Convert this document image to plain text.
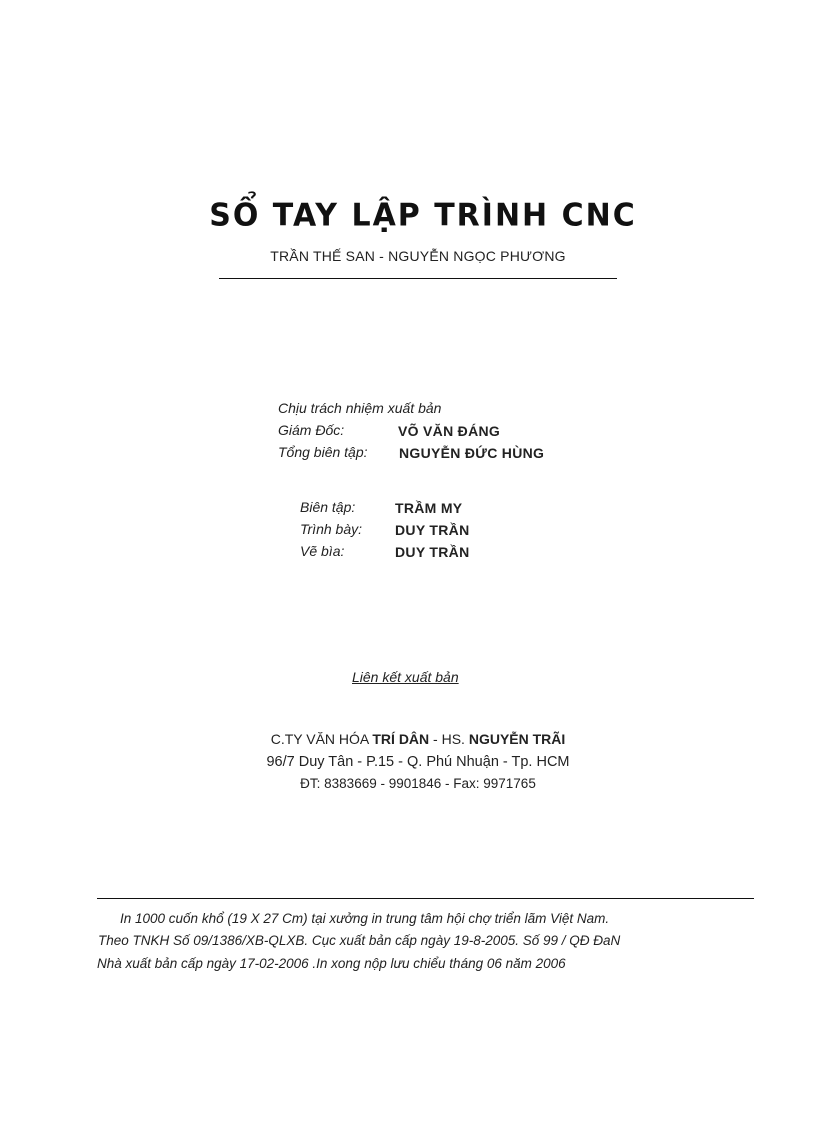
SỔ TAY LẬP TRÌNH CNC
TRẦN THẾ SAN - NGUYỄN NGỌC PHƯƠNG
Chịu trách nhiệm xuất bản
Giám Đốc:	VÕ VĂN ĐÁNG
Tổng biên tập: NGUYỄN ĐỨC HÙNG
Biên tập:	TRẦM MY
Trình bày: DUY TRẦN
Vẽ bìa:	DUY TRẦN
Liên kết xuất bản
C.TY VĂN HÓA TRÍ DÂN - HS. NGUYỄN TRÃI
96/7 Duy Tân - P.15 - Q. Phú Nhuận - Tp. HCM
ĐT: 8383669 - 9901846 - Fax: 9971765
In 1000 cuốn khổ (19 X 27 Cm) tại xưởng in trung tâm hội chợ triển lãm Việt Nam.
Theo TNKH Số 09/1386/XB-QLXB. Cục xuất bản cấp ngày 19-8-2005. Số 99 / QĐ ĐaN
Nhà xuất bản cấp ngày 17-02-2006 .In xong nộp lưu chiểu tháng 06 năm 2006
